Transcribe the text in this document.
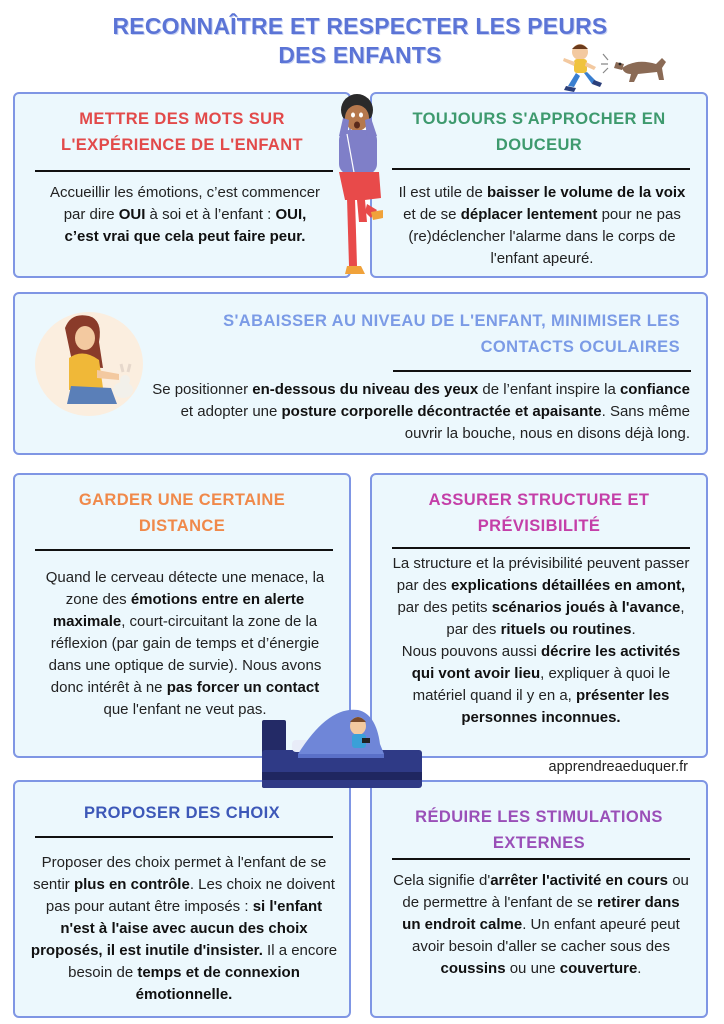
RECONNAÎTRE ET RESPECTER LES PEURS
DES ENFANTS
METTRE DES MOTS SUR
L'EXPÉRIENCE DE L'ENFANT

Accueillir les émotions, c’est commencer par dire OUI à soi et à l’enfant : OUI, c’est vrai que cela peut faire peur.

TOUJOURS S'APPROCHER EN
DOUCEUR

Il est utile de baisser le volume de la voix et de se déplacer lentement pour ne pas (re)déclencher l'alarme dans le corps de l'enfant apeuré.

S'ABAISSER AU NIVEAU DE L'ENFANT, MINIMISER LES
CONTACTS OCULAIRES

Se positionner en-dessous du niveau des yeux de l’enfant inspire la confiance et adopter une posture corporelle décontractée et apaisante. Sans même ouvrir la bouche, nous en disons déjà long.

GARDER UNE CERTAINE
DISTANCE

Quand le cerveau détecte une menace, la zone des émotions entre en alerte maximale, court-circuitant la zone de la réflexion (par gain de temps et d’énergie dans une optique de survie). Nous avons donc intérêt à ne pas forcer un contact que l'enfant ne veut pas.

ASSURER STRUCTURE ET
PRÉVISIBILITÉ

La structure et la prévisibilité peuvent passer par des explications détaillées en amont, par des petits scénarios joués à l'avance, par des rituels ou routines.
Nous pouvons aussi décrire les activités qui vont avoir lieu, expliquer à quoi le matériel quand il y en a, présenter les personnes inconnues.

apprendreaeduquer.fr
PROPOSER DES CHOIX

Proposer des choix permet à l'enfant de se sentir plus en contrôle. Les choix ne doivent pas pour autant être imposés : si l'enfant n'est à l'aise avec aucun des choix proposés, il est inutile d'insister. Il a encore besoin de temps et de connexion émotionnelle.

RÉDUIRE LES STIMULATIONS
EXTERNES

Cela signifie d'arrêter l'activité en cours ou de permettre à l'enfant de se retirer dans un endroit calme. Un enfant apeuré peut avoir besoin d'aller se cacher sous des coussins ou une couverture.
